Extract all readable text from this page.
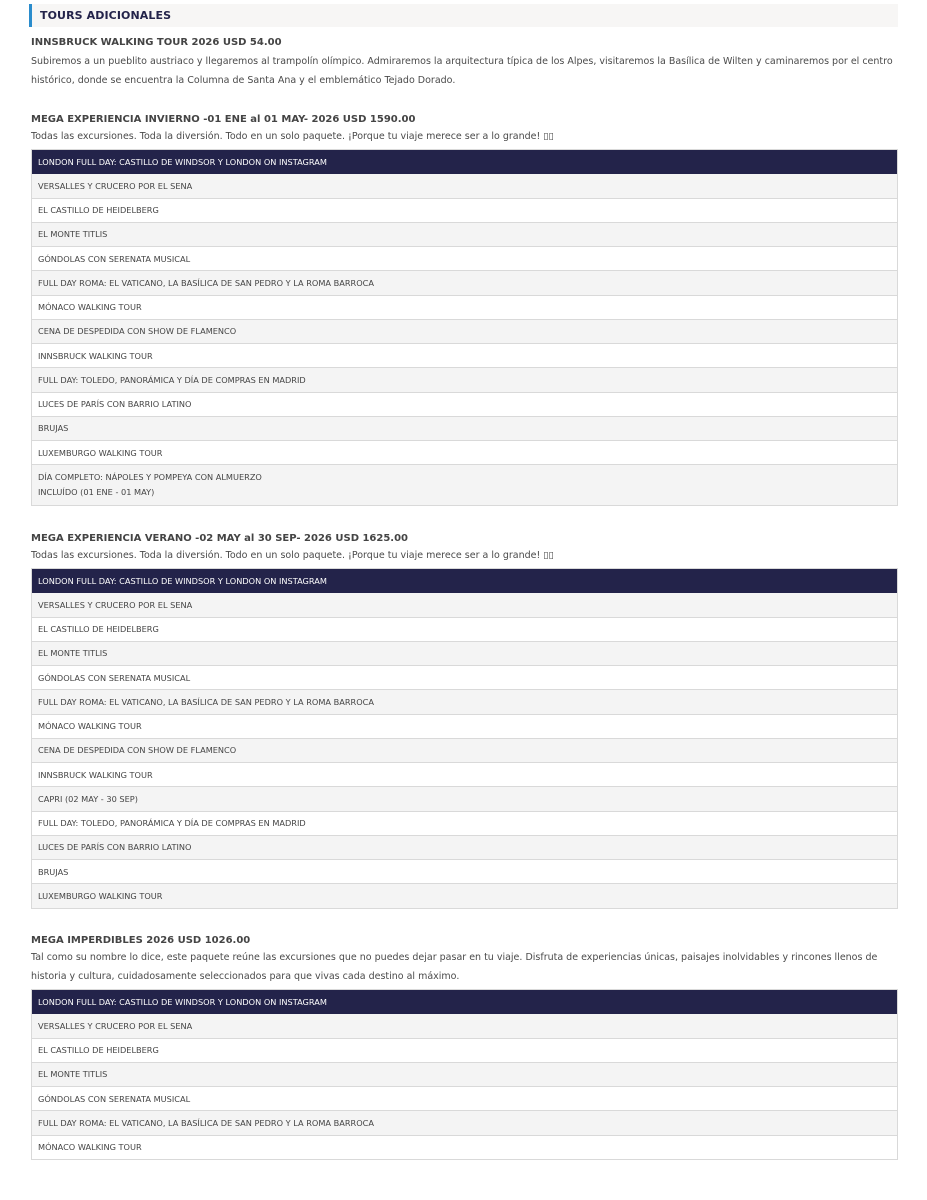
TOURS ADICIONALES

INNSBRUCK WALKING TOUR 2026 USD 54.00

Subiremos a un pueblito austriaco y llegaremos al trampolín olímpico. Admiraremos la arquitectura típica de los Alpes, visitaremos la Basílica de Wilten y caminaremos por el centro histórico, donde se encuentra la Columna de Santa Ana y el emblemático Tejado Dorado.

MEGA EXPERIENCIA INVIERNO -01 ENE al 01 MAY- 2026 USD 1590.00

Todas las excursiones. Toda la diversión. Todo en un solo paquete. ¡Porque tu viaje merece ser a lo grande! ▯▯

LONDON FULL DAY: CASTILLO DE WINDSOR Y LONDON ON INSTAGRAM
VERSALLES Y CRUCERO POR EL SENA
EL CASTILLO DE HEIDELBERG
EL MONTE TITLIS
GÓNDOLAS CON SERENATA MUSICAL
FULL DAY ROMA: EL VATICANO, LA BASÍLICA DE SAN PEDRO Y LA ROMA BARROCA
MÓNACO WALKING TOUR
CENA DE DESPEDIDA CON SHOW DE FLAMENCO
INNSBRUCK WALKING TOUR
FULL DAY: TOLEDO, PANORÁMICA Y DÍA DE COMPRAS EN MADRID
LUCES DE PARÍS CON BARRIO LATINO
BRUJAS
LUXEMBURGO WALKING TOUR
DÍA COMPLETO: NÁPOLES Y POMPEYA CON ALMUERZO
INCLUÍDO (01 ENE - 01 MAY)

MEGA EXPERIENCIA VERANO -02 MAY al 30 SEP- 2026 USD 1625.00

Todas las excursiones. Toda la diversión. Todo en un solo paquete. ¡Porque tu viaje merece ser a lo grande! ▯▯

LONDON FULL DAY: CASTILLO DE WINDSOR Y LONDON ON INSTAGRAM
VERSALLES Y CRUCERO POR EL SENA
EL CASTILLO DE HEIDELBERG
EL MONTE TITLIS
GÓNDOLAS CON SERENATA MUSICAL
FULL DAY ROMA: EL VATICANO, LA BASÍLICA DE SAN PEDRO Y LA ROMA BARROCA
MÓNACO WALKING TOUR
CENA DE DESPEDIDA CON SHOW DE FLAMENCO
INNSBRUCK WALKING TOUR
CAPRI (02 MAY - 30 SEP)
FULL DAY: TOLEDO, PANORÁMICA Y DÍA DE COMPRAS EN MADRID
LUCES DE PARÍS CON BARRIO LATINO
BRUJAS
LUXEMBURGO WALKING TOUR

MEGA IMPERDIBLES 2026 USD 1026.00

Tal como su nombre lo dice, este paquete reúne las excursiones que no puedes dejar pasar en tu viaje. Disfruta de experiencias únicas, paisajes inolvidables y rincones llenos de historia y cultura, cuidadosamente seleccionados para que vivas cada destino al máximo.

LONDON FULL DAY: CASTILLO DE WINDSOR Y LONDON ON INSTAGRAM
VERSALLES Y CRUCERO POR EL SENA
EL CASTILLO DE HEIDELBERG
EL MONTE TITLIS
GÓNDOLAS CON SERENATA MUSICAL
FULL DAY ROMA: EL VATICANO, LA BASÍLICA DE SAN PEDRO Y LA ROMA BARROCA
MÓNACO WALKING TOUR
